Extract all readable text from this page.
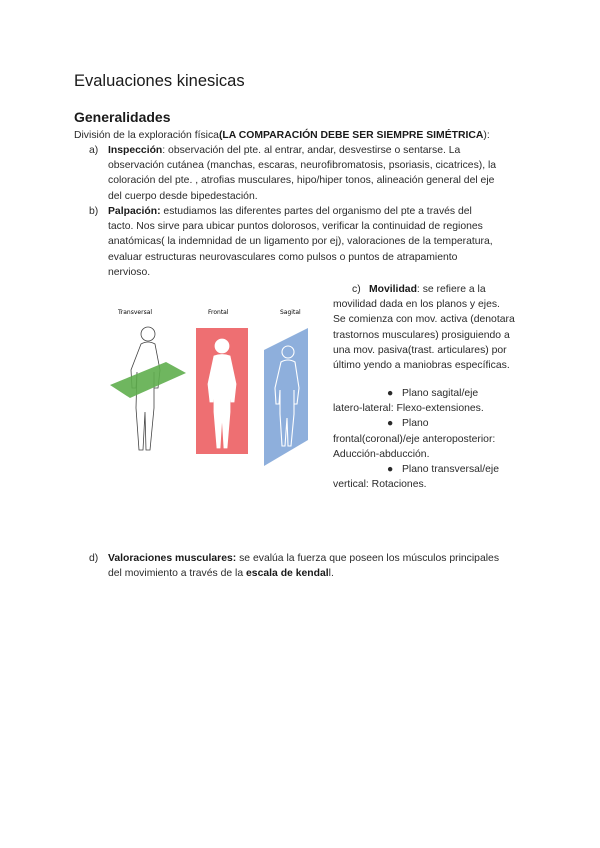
Evaluaciones kinesicas
Generalidades
División de la exploración física(LA COMPARACIÓN DEBE SER SIEMPRE SIMÉTRICA):
a) Inspección: observación del pte. al entrar, andar, desvestirse o sentarse. La
observación cutánea (manchas, escaras, neurofibromatosis, psoriasis, cicatrices), la
coloración del pte. , atrofias musculares, hipo/hiper tonos, alineación general del eje
del cuerpo desde bipedestación.
b) Palpación: estudiamos las diferentes partes del organismo del pte a través del
tacto. Nos sirve para ubicar puntos dolorosos, verificar la continuidad de regiones
anatómicas( la indemnidad de un ligamento por ej), valoraciones de la temperatura,
evaluar estructuras neurovasculares como pulsos o puntos de atrapamiento
nervioso.
Transversal	Frontal	Sagital
c) Movilidad: se refiere a la
movilidad dada en los planos y ejes.
Se comienza con mov. activa (denotara
trastornos musculares) prosiguiendo a
una mov. pasiva(trast. articulares) por
último yendo a maniobras específicas.
● Plano sagital/eje
latero-lateral: Flexo-extensiones.
● Plano
frontal(coronal)/eje anteroposterior:
Aducción-abducción.
● Plano transversal/eje
vertical: Rotaciones.
d) Valoraciones musculares: se evalúa la fuerza que poseen los músculos principales
del movimiento a través de la escala de kendall.
